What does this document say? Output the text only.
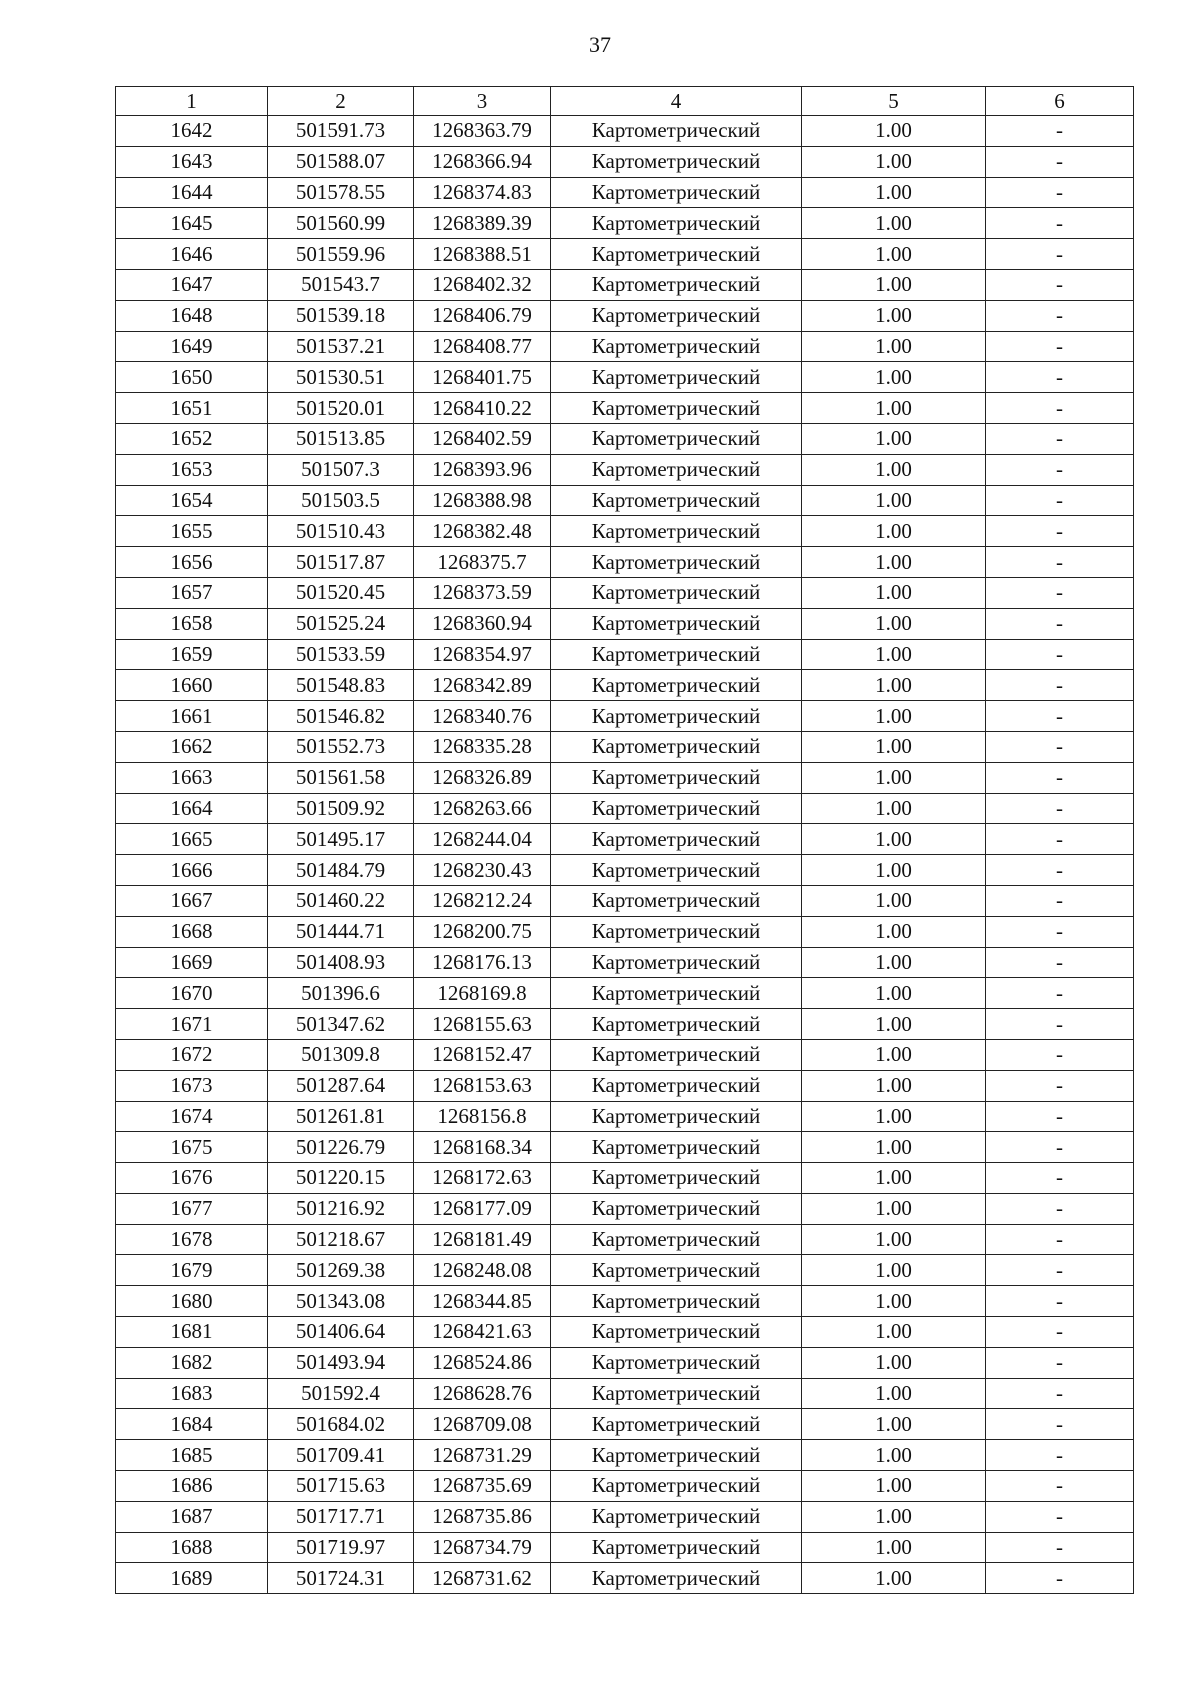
37
1	2	3	4	5	6
1642	501591.73	1268363.79	Картометрический	1.00	-
1643	501588.07	1268366.94	Картометрический	1.00	-
1644	501578.55	1268374.83	Картометрический	1.00	-
1645	501560.99	1268389.39	Картометрический	1.00	-
1646	501559.96	1268388.51	Картометрический	1.00	-
1647	501543.7	1268402.32	Картометрический	1.00	-
1648	501539.18	1268406.79	Картометрический	1.00	-
1649	501537.21	1268408.77	Картометрический	1.00	-
1650	501530.51	1268401.75	Картометрический	1.00	-
1651	501520.01	1268410.22	Картометрический	1.00	-
1652	501513.85	1268402.59	Картометрический	1.00	-
1653	501507.3	1268393.96	Картометрический	1.00	-
1654	501503.5	1268388.98	Картометрический	1.00	-
1655	501510.43	1268382.48	Картометрический	1.00	-
1656	501517.87	1268375.7	Картометрический	1.00	-
1657	501520.45	1268373.59	Картометрический	1.00	-
1658	501525.24	1268360.94	Картометрический	1.00	-
1659	501533.59	1268354.97	Картометрический	1.00	-
1660	501548.83	1268342.89	Картометрический	1.00	-
1661	501546.82	1268340.76	Картометрический	1.00	-
1662	501552.73	1268335.28	Картометрический	1.00	-
1663	501561.58	1268326.89	Картометрический	1.00	-
1664	501509.92	1268263.66	Картометрический	1.00	-
1665	501495.17	1268244.04	Картометрический	1.00	-
1666	501484.79	1268230.43	Картометрический	1.00	-
1667	501460.22	1268212.24	Картометрический	1.00	-
1668	501444.71	1268200.75	Картометрический	1.00	-
1669	501408.93	1268176.13	Картометрический	1.00	-
1670	501396.6	1268169.8	Картометрический	1.00	-
1671	501347.62	1268155.63	Картометрический	1.00	-
1672	501309.8	1268152.47	Картометрический	1.00	-
1673	501287.64	1268153.63	Картометрический	1.00	-
1674	501261.81	1268156.8	Картометрический	1.00	-
1675	501226.79	1268168.34	Картометрический	1.00	-
1676	501220.15	1268172.63	Картометрический	1.00	-
1677	501216.92	1268177.09	Картометрический	1.00	-
1678	501218.67	1268181.49	Картометрический	1.00	-
1679	501269.38	1268248.08	Картометрический	1.00	-
1680	501343.08	1268344.85	Картометрический	1.00	-
1681	501406.64	1268421.63	Картометрический	1.00	-
1682	501493.94	1268524.86	Картометрический	1.00	-
1683	501592.4	1268628.76	Картометрический	1.00	-
1684	501684.02	1268709.08	Картометрический	1.00	-
1685	501709.41	1268731.29	Картометрический	1.00	-
1686	501715.63	1268735.69	Картометрический	1.00	-
1687	501717.71	1268735.86	Картометрический	1.00	-
1688	501719.97	1268734.79	Картометрический	1.00	-
1689	501724.31	1268731.62	Картометрический	1.00	-
